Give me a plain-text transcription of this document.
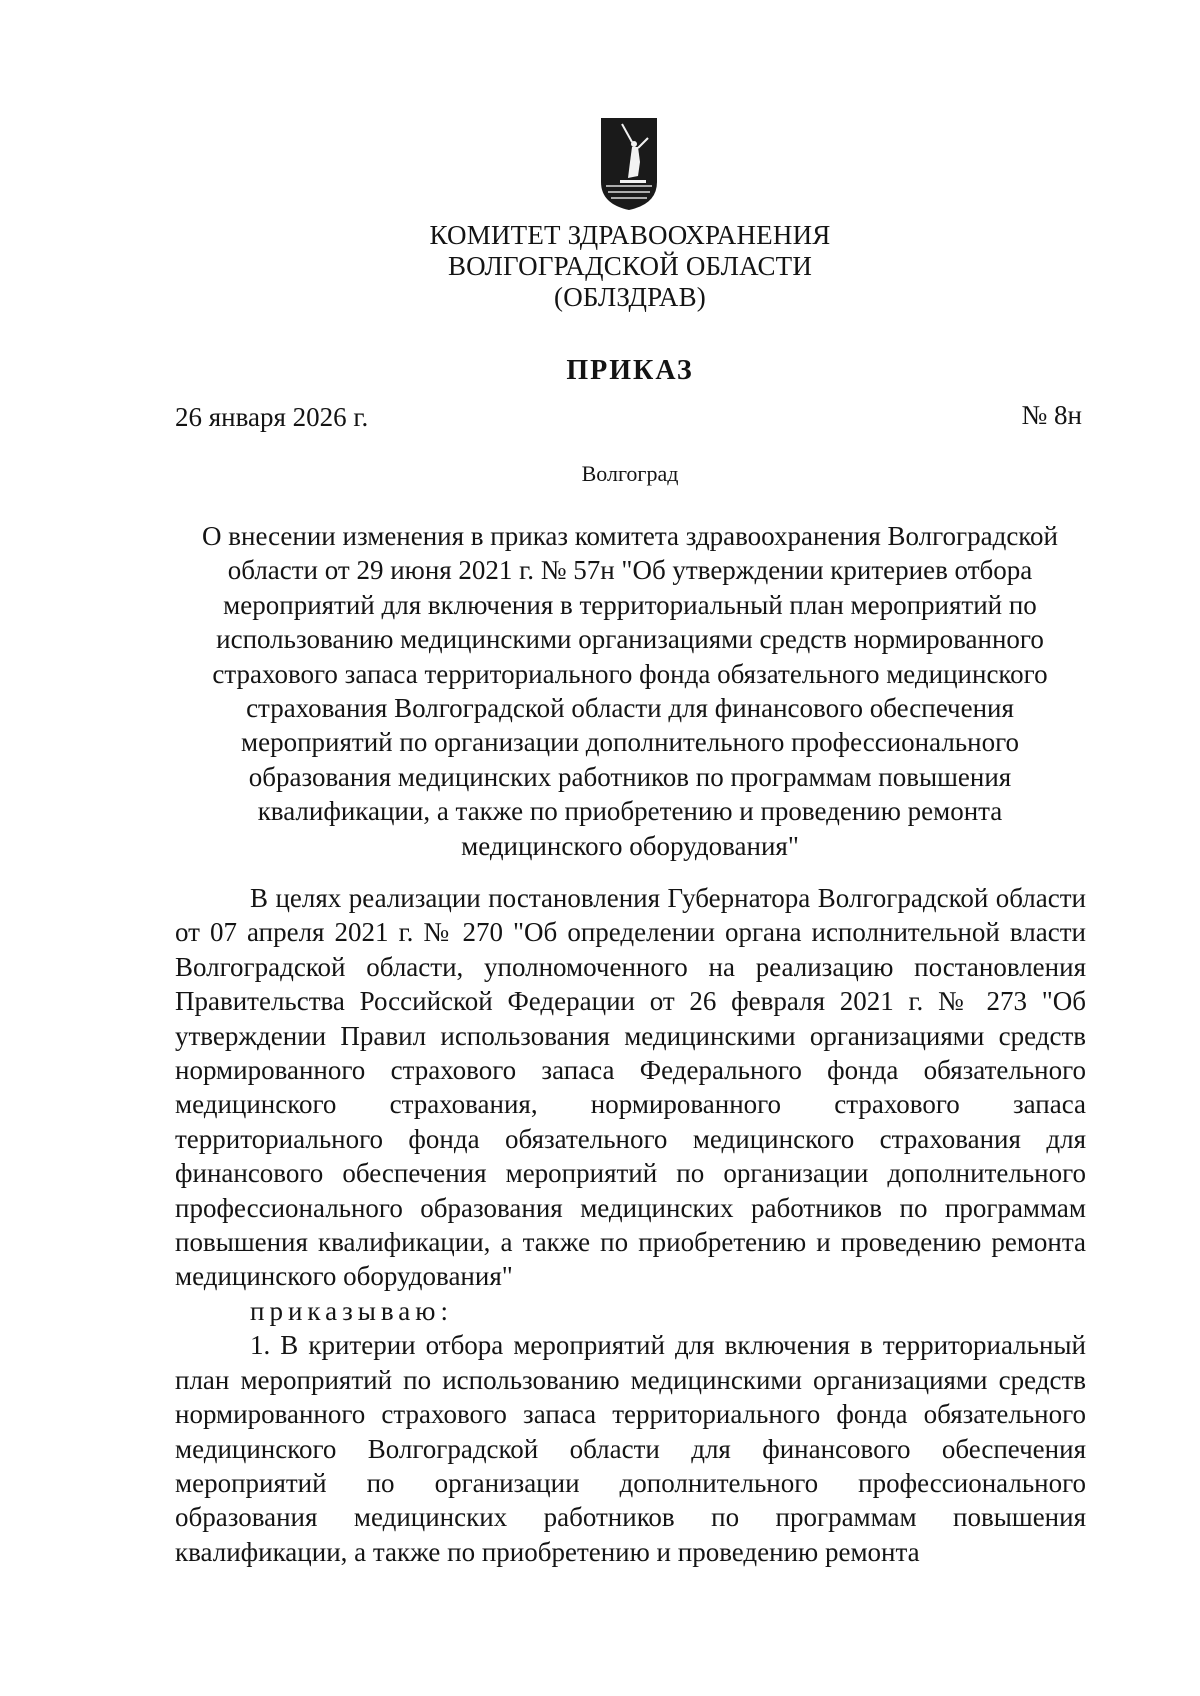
КОМИТЕТ ЗДРАВООХРАНЕНИЯ
ВОЛГОГРАДСКОЙ ОБЛАСТИ
(ОБЛЗДРАВ)
ПРИКАЗ
26 января 2026 г.	№ 8н
Волгоград
О внесении изменения в приказ комитета здравоохранения Волгоградской области от 29 июня 2021 г. № 57н "Об утверждении критериев отбора мероприятий для включения в территориальный план мероприятий по использованию медицинскими организациями средств нормированного страхового запаса территориального фонда обязательного медицинского страхования Волгоградской области для финансового обеспечения мероприятий по организации дополнительного профессионального образования медицинских работников по программам повышения квалификации, а также по приобретению и проведению ремонта медицинского оборудования"

В целях реализации постановления Губернатора Волгоградской области от 07 апреля 2021 г. № 270 "Об определении органа исполнительной власти Волгоградской области, уполномоченного на реализацию постановления Правительства Российской Федерации от 26 февраля 2021 г. № 273 "Об утверждении Правил использования медицинскими организациями средств нормированного страхового запаса Федерального фонда обязательного медицинского страхования, нормированного страхового запаса территориального фонда обязательного медицинского страхования для финансового обеспечения мероприятий по организации дополнительного профессионального образования медицинских работников по программам повышения квалификации, а также по приобретению и проведению ремонта медицинского оборудования"

приказываю:

1. В критерии отбора мероприятий для включения в территориальный план мероприятий по использованию медицинскими организациями средств нормированного страхового запаса территориального фонда обязательного медицинского Волгоградской области для финансового обеспечения мероприятий по организации дополнительного профессионального образования медицинских работников по программам повышения квалификации, а также по приобретению и проведению ремонта
